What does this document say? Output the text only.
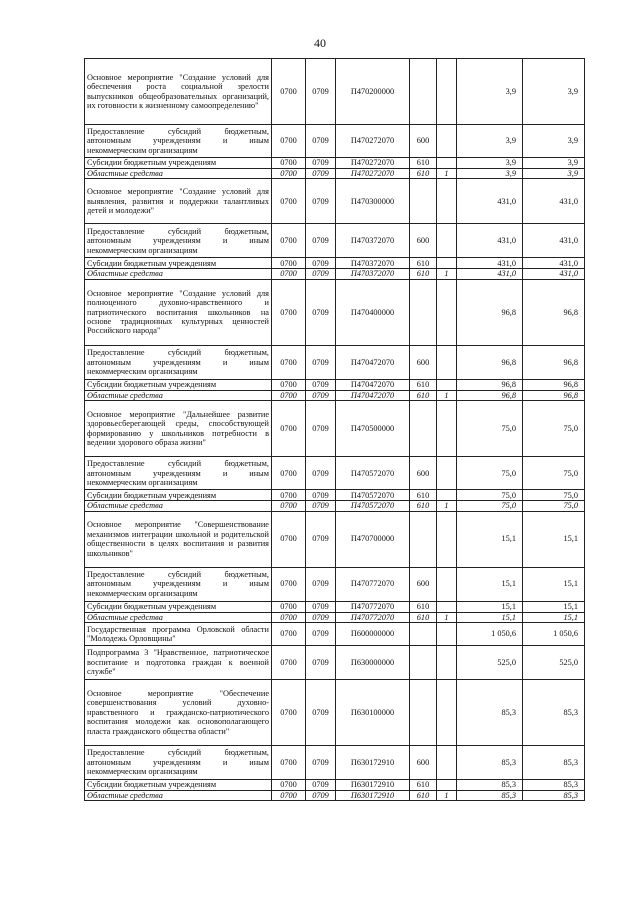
40
Основное мероприятие "Создание условий для обеспечения роста социальной зрелости выпускников общеобразовательных организаций, их готовности к жизненному самоопределению"	0700	0709	П470200000			3,9	3,9
Предоставление субсидий бюджетным, автономным учреждениям и иным некоммерческим организациям	0700	0709	П470272070	600		3,9	3,9
Субсидии бюджетным учреждениям	0700	0709	П470272070	610		3,9	3,9
Областные средства	0700	0709	П470272070	610	1	3,9	3,9
Основное мероприятие "Создание условий для выявления, развития и поддержки талантливых детей и молодежи"	0700	0709	П470300000			431,0	431,0
Предоставление субсидий бюджетным, автономным учреждениям и иным некоммерческим организациям	0700	0709	П470372070	600		431,0	431,0
Субсидии бюджетным учреждениям	0700	0709	П470372070	610		431,0	431,0
Областные средства	0700	0709	П470372070	610	1	431,0	431,0
Основное мероприятие "Создание условий для полноценного духовно-нравственного и патриотического воспитания школьников на основе традиционных культурных ценностей Российского народа"	0700	0709	П470400000			96,8	96,8
Предоставление субсидий бюджетным, автономным учреждениям и иным некоммерческим организациям	0700	0709	П470472070	600		96,8	96,8
Субсидии бюджетным учреждениям	0700	0709	П470472070	610		96,8	96,8
Областные средства	0700	0709	П470472070	610	1	96,8	96,8
Основное мероприятие "Дальнейшее развитие здоровьесберегающей среды, способствующей формированию у школьников потребности в ведении здорового образа жизни"	0700	0709	П470500000			75,0	75,0
Предоставление субсидий бюджетным, автономным учреждениям и иным некоммерческим организациям	0700	0709	П470572070	600		75,0	75,0
Субсидии бюджетным учреждениям	0700	0709	П470572070	610		75,0	75,0
Областные средства	0700	0709	П470572070	610	1	75,0	75,0
Основное мероприятие "Совершенствование механизмов интеграции школьной и родительской общественности в целях воспитания и развития школьников"	0700	0709	П470700000			15,1	15,1
Предоставление субсидий бюджетным, автономным учреждениям и иным некоммерческим организациям	0700	0709	П470772070	600		15,1	15,1
Субсидии бюджетным учреждениям	0700	0709	П470772070	610		15,1	15,1
Областные средства	0700	0709	П470772070	610	1	15,1	15,1
Государственная программа Орловской области "Молодежь Орловщины"	0700	0709	П600000000			1 050,6	1 050,6
Подпрограмма 3 "Нравственное, патриотическое воспитание и подготовка граждан к военной службе"	0700	0709	П630000000			525,0	525,0
Основное мероприятие "Обеспечение совершенствования условий духовно-нравственного и гражданско-патриотического воспитания молодежи как основополагающего пласта гражданского общества области"	0700	0709	П630100000			85,3	85,3
Предоставление субсидий бюджетным, автономным учреждениям и иным некоммерческим организациям	0700	0709	П630172910	600		85,3	85,3
Субсидии бюджетным учреждениям	0700	0709	П630172910	610		85,3	85,3
Областные средства	0700	0709	П630172910	610	1	85,3	85,3
